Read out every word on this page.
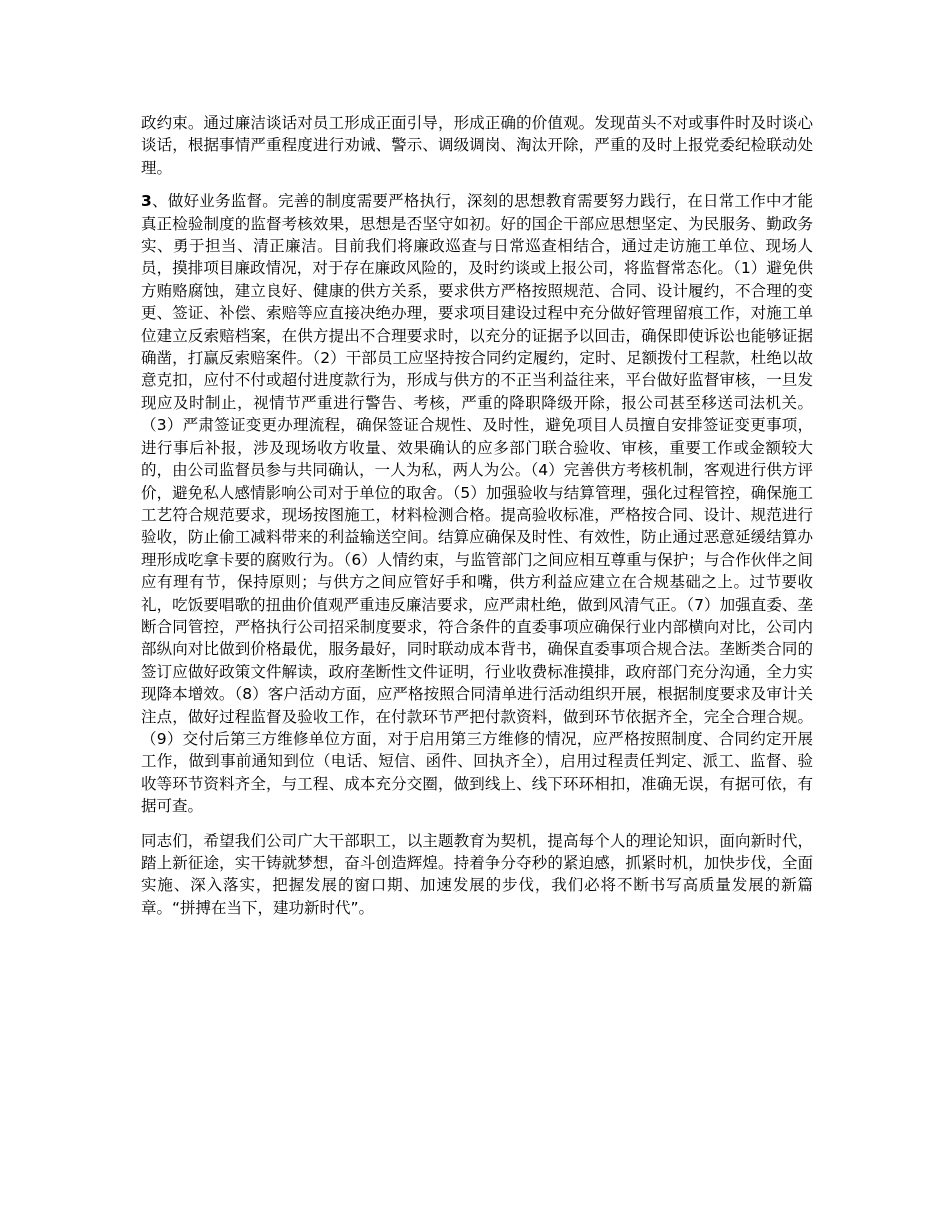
政约束。通过廉洁谈话对员工形成正面引导，形成正确的价值观。发现苗头不对或事件时及时谈心谈话，根据事情严重程度进行劝诫、警示、调级调岗、淘汰开除，严重的及时上报党委纪检联动处理。

3、做好业务监督。完善的制度需要严格执行，深刻的思想教育需要努力践行，在日常工作中才能真正检验制度的监督考核效果，思想是否坚守如初。好的国企干部应思想坚定、为民服务、勤政务实、勇于担当、清正廉洁。目前我们将廉政巡查与日常巡查相结合，通过走访施工单位、现场人员，摸排项目廉政情况，对于存在廉政风险的，及时约谈或上报公司，将监督常态化。（1）避免供方贿赂腐蚀，建立良好、健康的供方关系，要求供方严格按照规范、合同、设计履约，不合理的变更、签证、补偿、索赔等应直接决绝办理，要求项目建设过程中充分做好管理留痕工作，对施工单位建立反索赔档案，在供方提出不合理要求时，以充分的证据予以回击，确保即使诉讼也能够证据确凿，打赢反索赔案件。（2）干部员工应坚持按合同约定履约，定时、足额拨付工程款，杜绝以故意克扣，应付不付或超付进度款行为，形成与供方的不正当利益往来，平台做好监督审核，一旦发现应及时制止，视情节严重进行警告、考核，严重的降职降级开除，报公司甚至移送司法机关。（3）严肃签证变更办理流程，确保签证合规性、及时性，避免项目人员擅自安排签证变更事项，进行事后补报，涉及现场收方收量、效果确认的应多部门联合验收、审核，重要工作或金额较大的，由公司监督员参与共同确认，一人为私，两人为公。（4）完善供方考核机制，客观进行供方评价，避免私人感情影响公司对于单位的取舍。（5）加强验收与结算管理，强化过程管控，确保施工工艺符合规范要求，现场按图施工，材料检测合格。提高验收标准，严格按合同、设计、规范进行验收，防止偷工减料带来的利益输送空间。结算应确保及时性、有效性，防止通过恶意延缓结算办理形成吃拿卡要的腐败行为。（6）人情约束，与监管部门之间应相互尊重与保护；与合作伙伴之间应有理有节，保持原则；与供方之间应管好手和嘴，供方利益应建立在合规基础之上。过节要收礼，吃饭要唱歌的扭曲价值观严重违反廉洁要求，应严肃杜绝，做到风清气正。（7）加强直委、垄断合同管控，严格执行公司招采制度要求，符合条件的直委事项应确保行业内部横向对比，公司内部纵向对比做到价格最优，服务最好，同时联动成本背书，确保直委事项合规合法。垄断类合同的签订应做好政策文件解读，政府垄断性文件证明，行业收费标准摸排，政府部门充分沟通，全力实现降本增效。（8）客户活动方面，应严格按照合同清单进行活动组织开展，根据制度要求及审计关注点，做好过程监督及验收工作，在付款环节严把付款资料，做到环节依据齐全，完全合理合规。（9）交付后第三方维修单位方面，对于启用第三方维修的情况，应严格按照制度、合同约定开展工作，做到事前通知到位（电话、短信、函件、回执齐全），启用过程责任判定、派工、监督、验收等环节资料齐全，与工程、成本充分交圈，做到线上、线下环环相扣，准确无误，有据可依，有据可查。

同志们，希望我们公司广大干部职工，以主题教育为契机，提高每个人的理论知识，面向新时代，踏上新征途，实干铸就梦想，奋斗创造辉煌。持着争分夺秒的紧迫感，抓紧时机，加快步伐，全面实施、深入落实，把握发展的窗口期、加速发展的步伐，我们必将不断书写高质量发展的新篇章。“拼搏在当下，建功新时代”。
